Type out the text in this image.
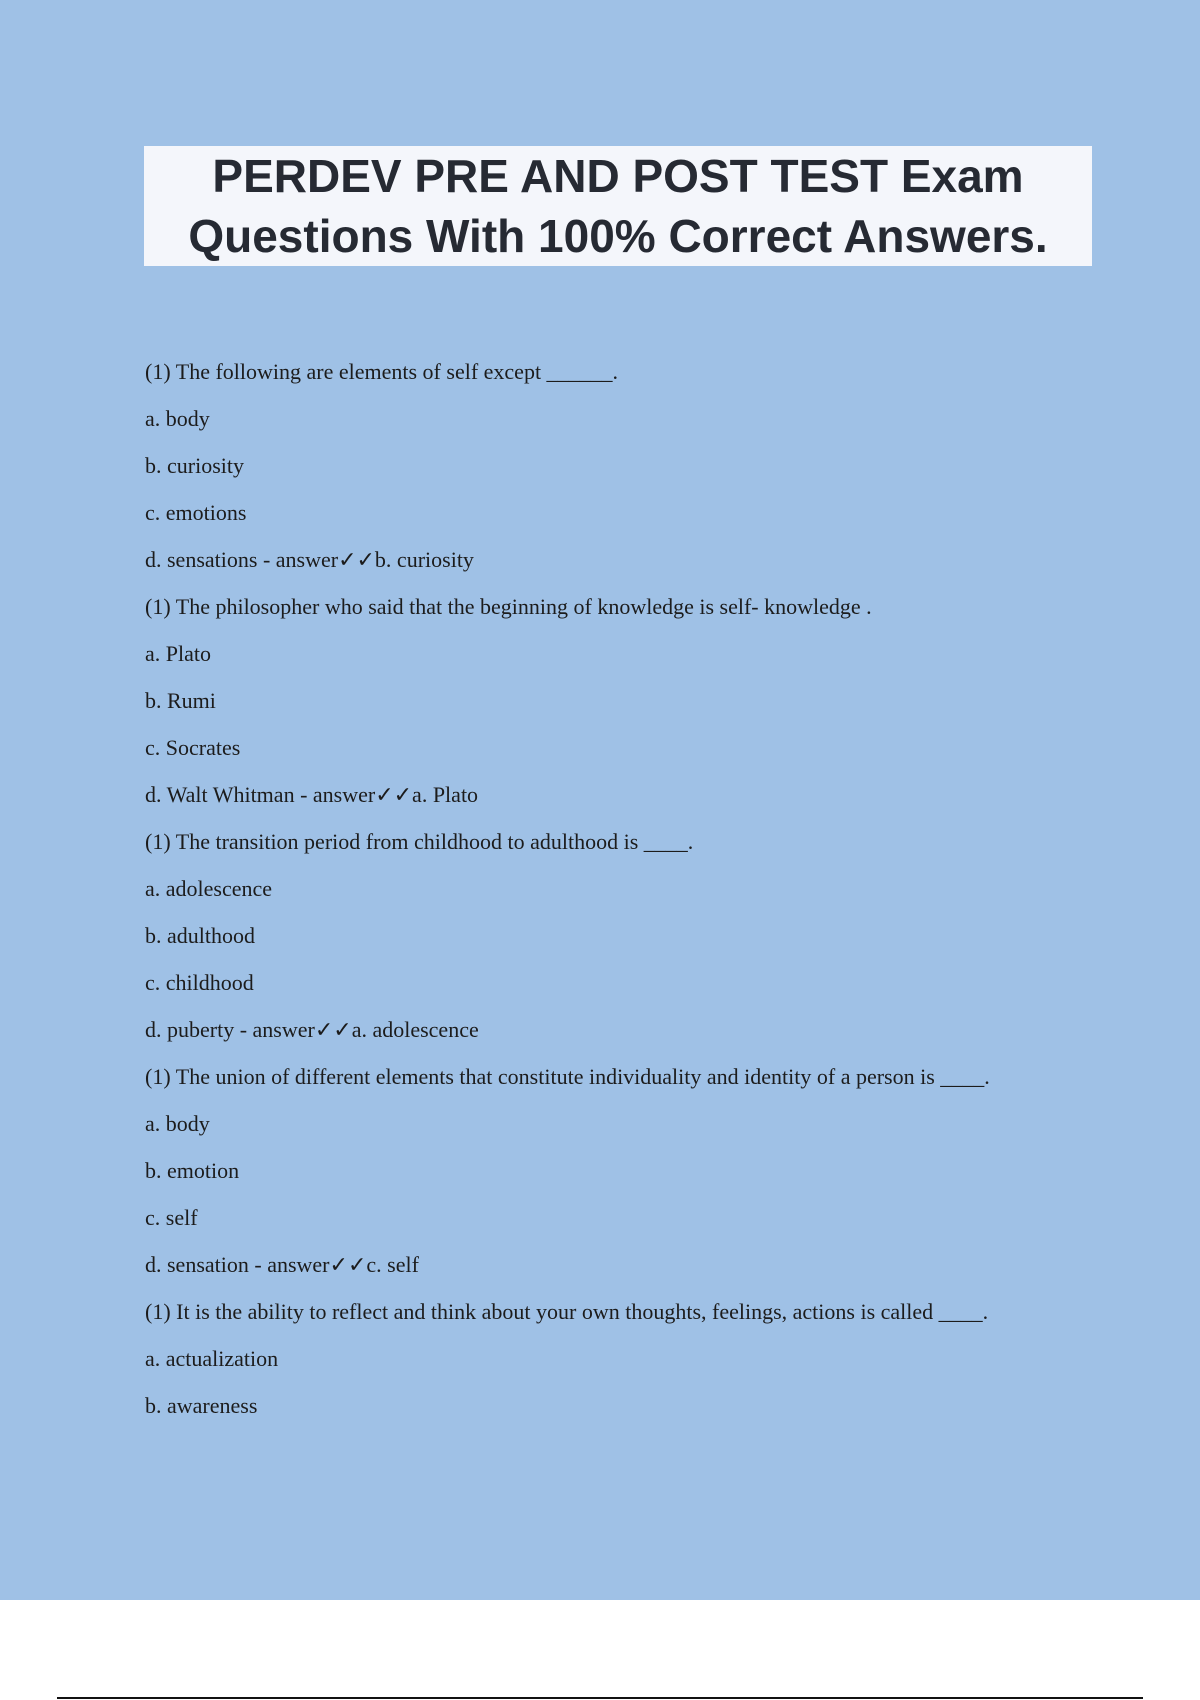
PERDEV PRE AND POST TEST Exam
Questions With 100% Correct Answers.
(1) The following are elements of self except ______.
a. body
b. curiosity
c. emotions
d. sensations - answer✓✓b. curiosity
(1) The philosopher who said that the beginning of knowledge is self- knowledge .
a. Plato
b. Rumi
c. Socrates
d. Walt Whitman - answer✓✓a. Plato
(1) The transition period from childhood to adulthood is ____.
a. adolescence
b. adulthood
c. childhood
d. puberty - answer✓✓a. adolescence
(1) The union of different elements that constitute individuality and identity of a person is ____.
a. body
b. emotion
c. self
d. sensation - answer✓✓c. self
(1) It is the ability to reflect and think about your own thoughts, feelings, actions is called ____.
a. actualization
b. awareness
